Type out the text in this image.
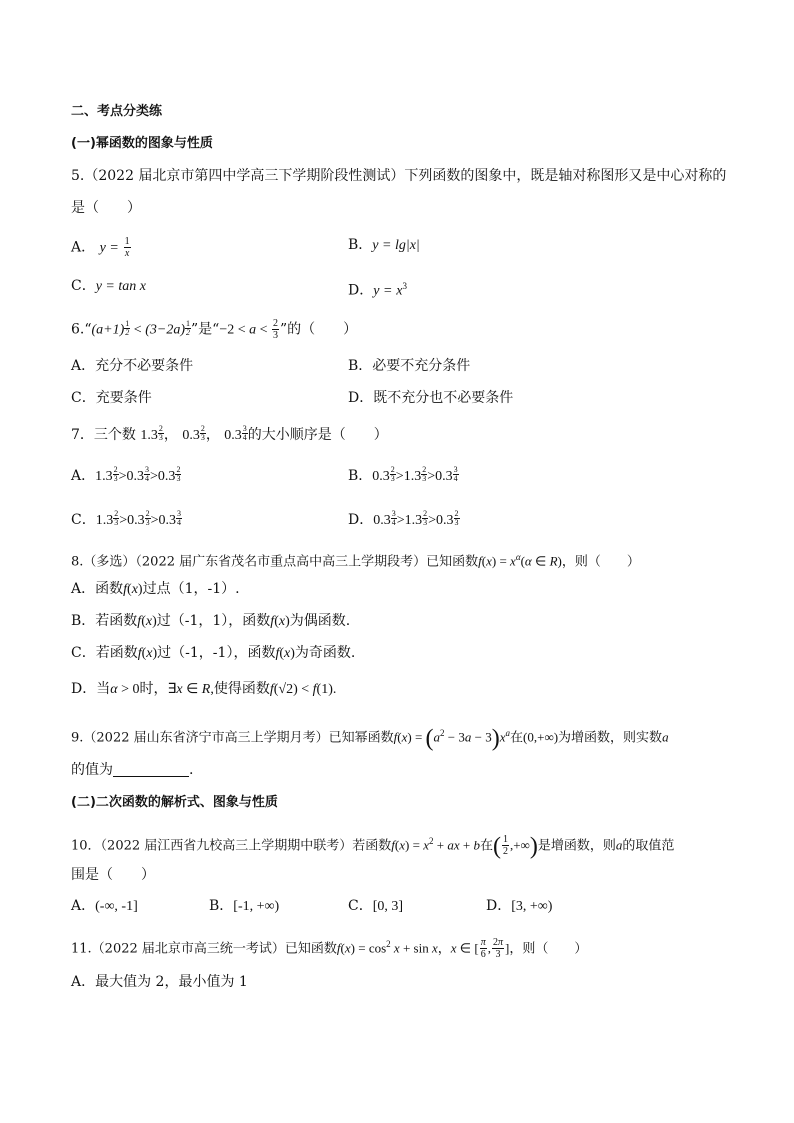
二、考点分类练
(一)幂函数的图象与性质
5.（2022 届北京市第四中学高三下学期阶段性测试）下列函数的图象中，既是轴对称图形又是中心对称的
是（　　）
A． $y = \frac{1}{x}$	B．y = lg|x|
C．y = tan x	D．$y = x^3$
6.“(a+1) $\frac{1}{2} < (3-2a) \frac{1}{2}$ ”是“$-2 < a < \frac{2}{3}$ ”的（　　）
A．充分不必要条件	B．必要不充分条件
C．充要条件	D．既不充分也不必要条件
7．三个数 $1.3 \frac{2}{3}$ ， $0.3 \frac{2}{3}$ ， $0.3 \frac{3}{4}$ 的大小顺序是（　　）
A．$1.3 \frac{2}{3} >0.3 \frac{3}{4} >0.3 \frac{2}{3}$	B．$0.3 \frac{2}{3} >1.3 \frac{2}{3} >0.3 \frac{3}{4}$
C．$1.3 \frac{2}{3} >0.3 \frac{2}{3} >0.3 \frac{3}{4}$	D．$0.3 \frac{3}{4} >1.3 \frac{2}{3} >0.3 \frac{2}{3}$
8.（多选）（2022 届广东省茂名市重点高中高三上学期段考）已知函数$f(x) = x^\alpha(\alpha$ ∈ R)，则（　　）
A．函数f(x)过点（1，-1）.
B．若函数f(x)过（-1，1），函数f(x)为偶函数.
C．若函数f(x)过（-1，-1），函数f(x)为奇函数.
D．当α > 0时，∃x ∈ R,使得函数f(√2) < f(1).
9.（2022 届山东省济宁市高三上学期月考）已知幂函数$f(x) = (a^2 - 3a - 3)x^a$在(0,+∞)为增函数，则实数a
的值为	.
(二)二次函数的解析式、图象与性质
10．（2022 届江西省九校高三上学期期中联考）若函数$f(x) = x^2$ + ax + b在( $\frac{1}{2}$ ,+∞)是增函数，则a的取值范
围是（　　）
A．(-∞, -1]	B．[-1, +∞)	C．[0, 3]	D．[3, +∞)
11.（2022 届北京市高三统一考试）已知函数$f(x) = \cos^2 x + \sin x$，x ∈ [ $\frac{\pi}{6}$ , $\frac{2\pi}{3}$ ]，则（　　）
A．最大值为 2，最小值为 1
